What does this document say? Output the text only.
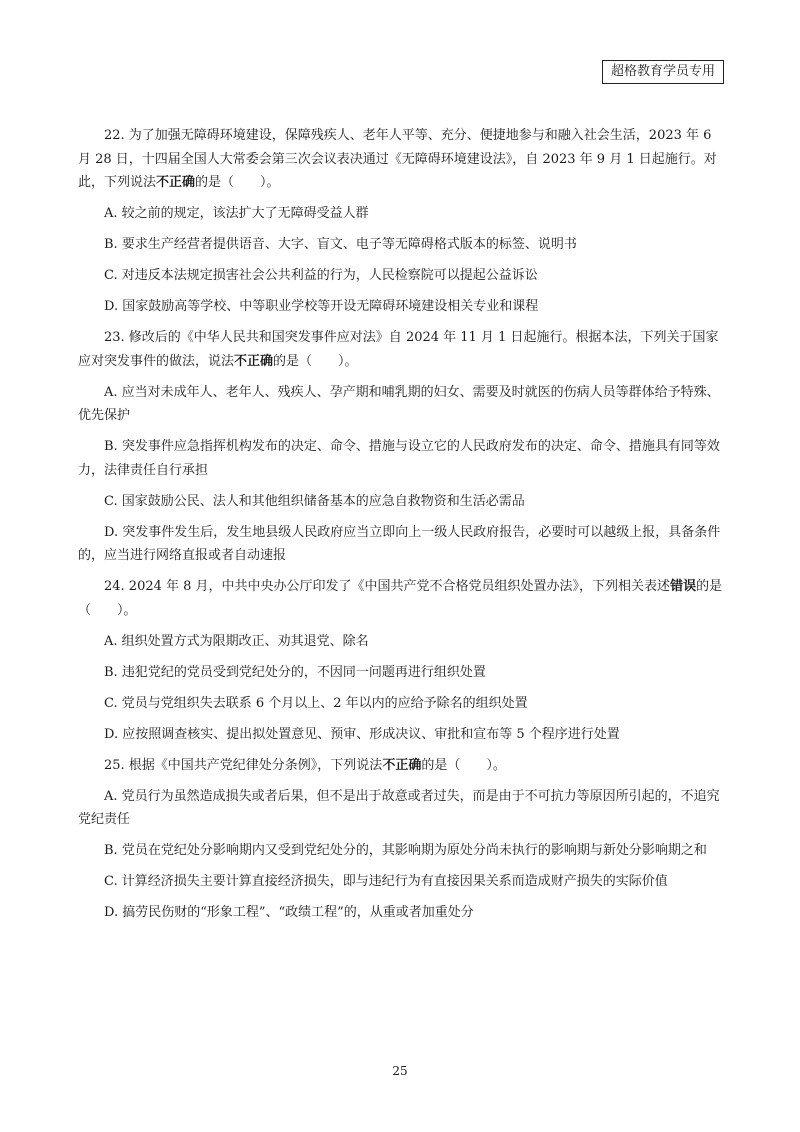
超格教育学员专用

22. 为了加强无障碍环境建设，保障残疾人、老年人平等、充分、便捷地参与和融入社会生活，2023 年 6 月 28 日，十四届全国人大常委会第三次会议表决通过《无障碍环境建设法》，自 2023 年 9 月 1 日起施行。对此，下列说法不正确的是（　　）。

A. 较之前的规定，该法扩大了无障碍受益人群

B. 要求生产经营者提供语音、大字、盲文、电子等无障碍格式版本的标签、说明书

C. 对违反本法规定损害社会公共利益的行为，人民检察院可以提起公益诉讼

D. 国家鼓励高等学校、中等职业学校等开设无障碍环境建设相关专业和课程

23. 修改后的《中华人民共和国突发事件应对法》自 2024 年 11 月 1 日起施行。根据本法，下列关于国家应对突发事件的做法，说法不正确的是（　　）。

A. 应当对未成年人、老年人、残疾人、孕产期和哺乳期的妇女、需要及时就医的伤病人员等群体给予特殊、优先保护

B. 突发事件应急指挥机构发布的决定、命令、措施与设立它的人民政府发布的决定、命令、措施具有同等效力，法律责任自行承担

C. 国家鼓励公民、法人和其他组织储备基本的应急自救物资和生活必需品

D. 突发事件发生后，发生地县级人民政府应当立即向上一级人民政府报告，必要时可以越级上报，具备条件的，应当进行网络直报或者自动速报

24. 2024 年 8 月，中共中央办公厅印发了《中国共产党不合格党员组织处置办法》，下列相关表述错误的是（　　）。

A. 组织处置方式为限期改正、劝其退党、除名

B. 违犯党纪的党员受到党纪处分的，不因同一问题再进行组织处置

C. 党员与党组织失去联系 6 个月以上、2 年以内的应给予除名的组织处置

D. 应按照调查核实、提出拟处置意见、预审、形成决议、审批和宣布等 5 个程序进行处置

25. 根据《中国共产党纪律处分条例》，下列说法不正确的是（　　）。

A. 党员行为虽然造成损失或者后果，但不是出于故意或者过失，而是由于不可抗力等原因所引起的，不追究党纪责任

B. 党员在党纪处分影响期内又受到党纪处分的，其影响期为原处分尚未执行的影响期与新处分影响期之和

C. 计算经济损失主要计算直接经济损失，即与违纪行为有直接因果关系而造成财产损失的实际价值

D. 搞劳民伤财的“形象工程”、“政绩工程”的，从重或者加重处分

25
